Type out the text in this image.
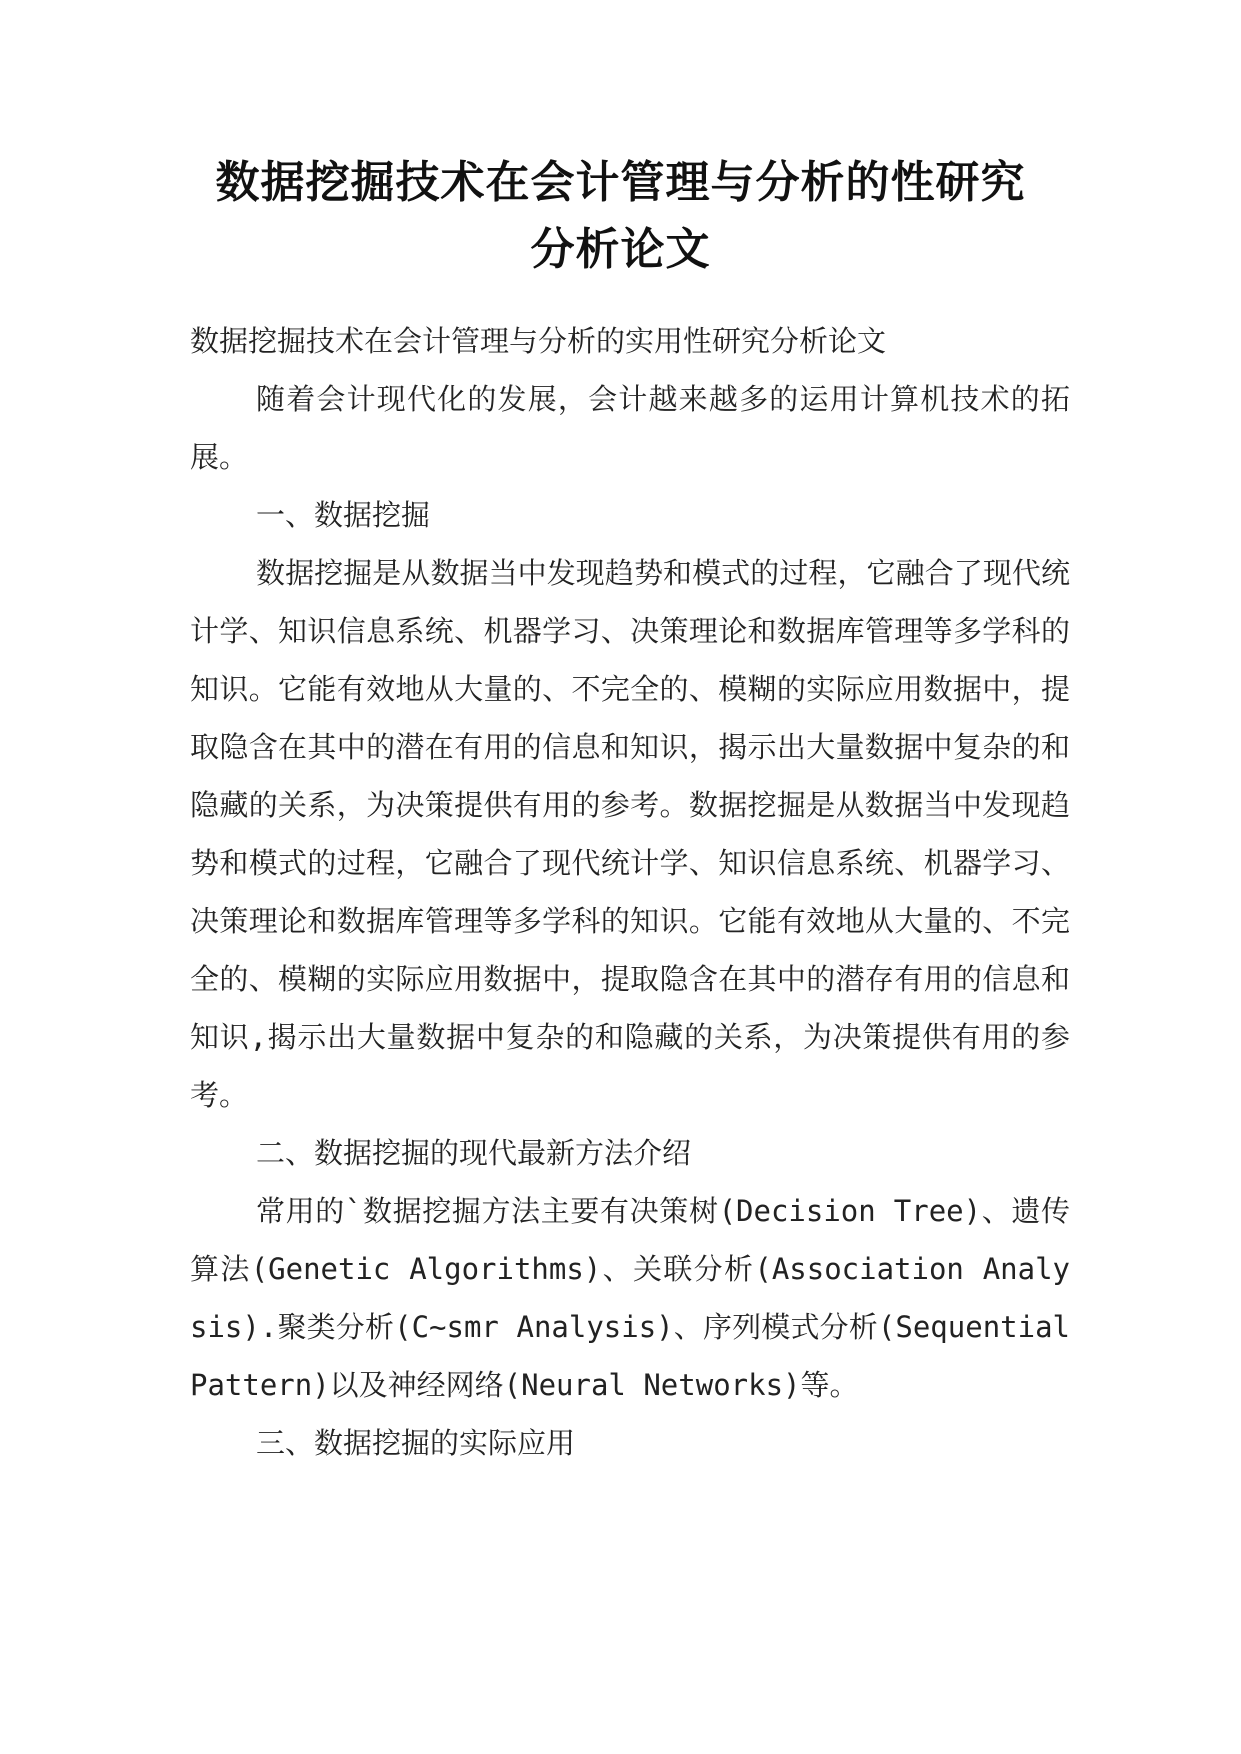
数据挖掘技术在会计管理与分析的性研究
分析论文

数据挖掘技术在会计管理与分析的实用性研究分析论文

随着会计现代化的发展，会计越来越多的运用计算机技术的拓展。

一、数据挖掘

数据挖掘是从数据当中发现趋势和模式的过程，它融合了现代统计学、知识信息系统、机器学习、决策理论和数据库管理等多学科的知识。它能有效地从大量的、不完全的、模糊的实际应用数据中，提取隐含在其中的潜在有用的信息和知识，揭示出大量数据中复杂的和隐藏的关系，为决策提供有用的参考。数据挖掘是从数据当中发现趋势和模式的过程，它融合了现代统计学、知识信息系统、机器学习、决策理论和数据库管理等多学科的知识。它能有效地从大量的、不完全的、模糊的实际应用数据中，提取隐含在其中的潜存有用的信息和知识,揭示出大量数据中复杂的和隐藏的关系，为决策提供有用的参考。

二、数据挖掘的现代最新方法介绍

常用的`数据挖掘方法主要有决策树(Decision Tree)、遗传算法(Genetic Algorithms)、关联分析(Association Analysis).聚类分析(C~smr Analysis)、序列模式分析(Sequential Pattern)以及神经网络(Neural Networks)等。

三、数据挖掘的实际应用
